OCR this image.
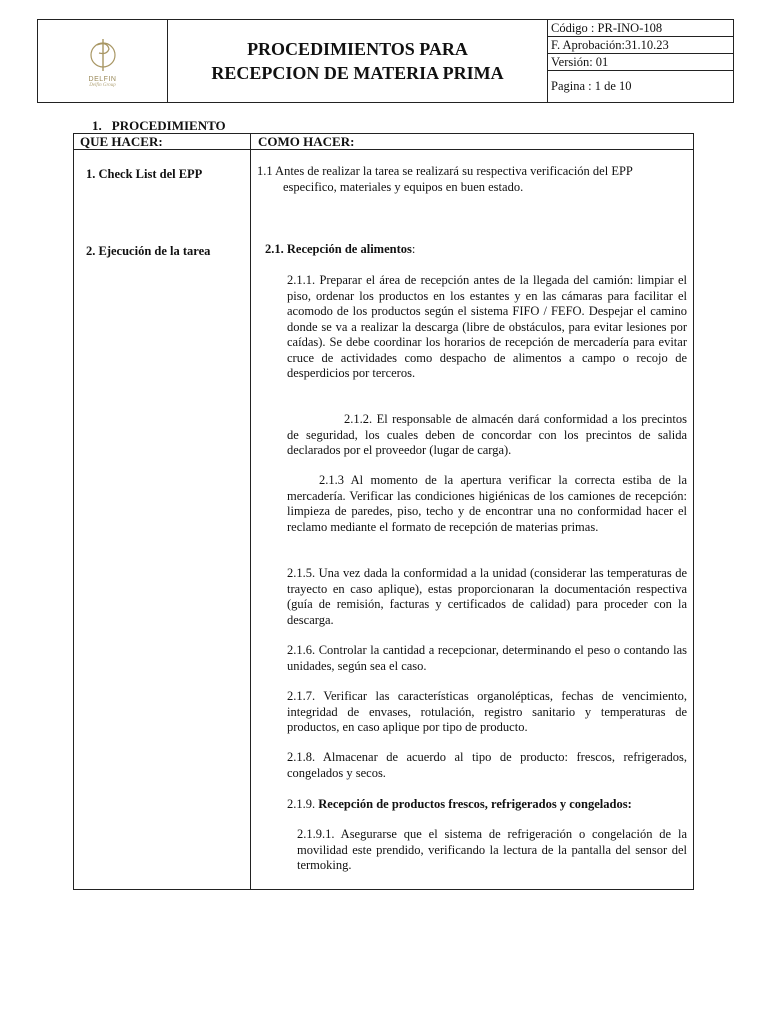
DELFIN
Delfin Group
PROCEDIMIENTOS PARA
RECEPCION DE MATERIA PRIMA
Código : PR-INO-108
F. Aprobación:31.10.23
Versión: 01
Pagina : 1 de 10
1. PROCEDIMIENTO
QUE HACER:	COMO HACER:
1. Check List del EPP
2. Ejecución de la tarea
1.1 Antes de realizar la tarea se realizará su respectiva verificación del EPP
especifico, materiales y equipos en buen estado.
2.1. Recepción de alimentos:
2.1.1. Preparar el área de recepción antes de la llegada del camión: limpiar el piso, ordenar los productos en los estantes y en las cámaras para facilitar el acomodo de los productos según el sistema FIFO / FEFO. Despejar el camino donde se va a realizar la descarga (libre de obstáculos, para evitar lesiones por caídas). Se debe coordinar los horarios de recepción de mercadería para evitar cruce de actividades como despacho de alimentos a campo o recojo de desperdicios por terceros.
2.1.2. El responsable de almacén dará conformidad a los precintos de seguridad, los cuales deben de concordar con los precintos de salida declarados por el proveedor (lugar de carga).
2.1.3 Al momento de la apertura verificar la correcta estiba de la mercadería. Verificar las condiciones higiénicas de los camiones de recepción: limpieza de paredes, piso, techo y de encontrar una no conformidad hacer el reclamo mediante el formato de recepción de materias primas.
2.1.5. Una vez dada la conformidad a la unidad (considerar las temperaturas de trayecto en caso aplique), estas proporcionaran la documentación respectiva (guía de remisión, facturas y certificados de calidad) para proceder con la descarga.
2.1.6. Controlar la cantidad a recepcionar, determinando el peso o contando las unidades, según sea el caso.
2.1.7. Verificar las características organolépticas, fechas de vencimiento, integridad de envases, rotulación, registro sanitario y temperaturas de productos, en caso aplique por tipo de producto.
2.1.8. Almacenar de acuerdo al tipo de producto: frescos, refrigerados, congelados y secos.
2.1.9. Recepción de productos frescos, refrigerados y congelados:
2.1.9.1. Asegurarse que el sistema de refrigeración o congelación de la movilidad este prendido, verificando la lectura de la pantalla del sensor del termoking.
